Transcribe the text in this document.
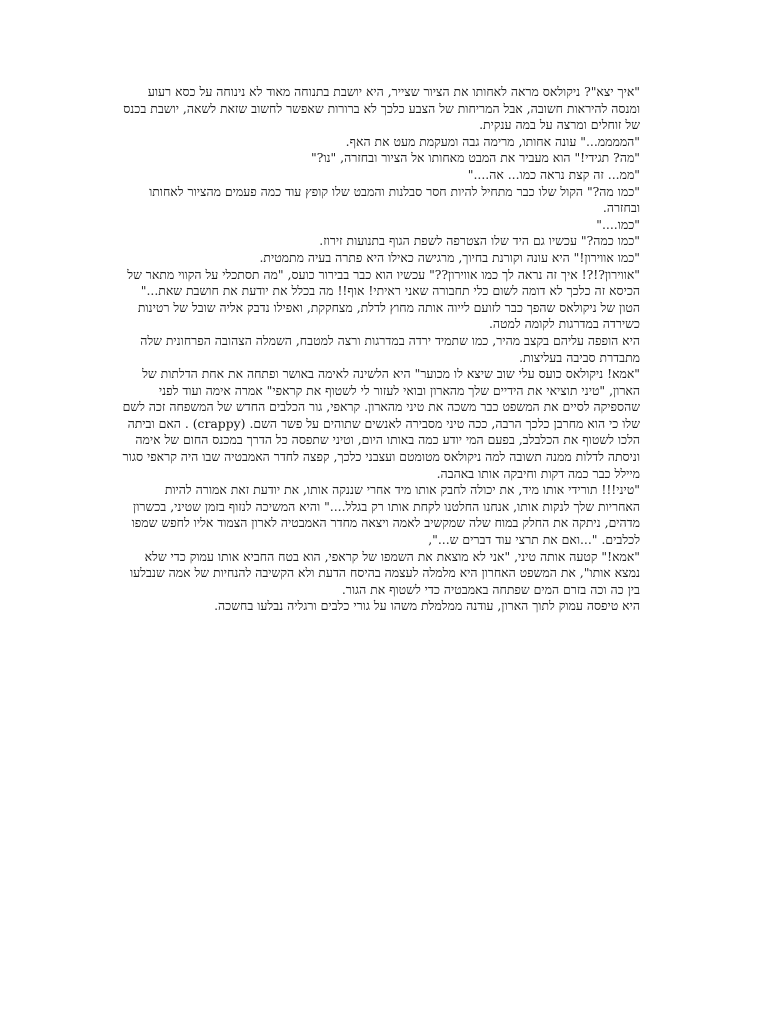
"איך יצא"? ניקולאס מראה לאחותו את הציור שצייר, היא יושבת בתנוחה מאוד לא נינוחה על כסא רעוע ומנסה להיראות חשובה, אבל המריחות של הצבע כלכך לא ברורות שאפשר לחשוב שזאת לשאה, יושבת בכנס של זוחלים ומרצה על במה ענקית.

"הממממ..." עונה אחותו, מרימה גבה ומעקמת מעט את האף.

"מה? תגידי!" הוא מעביר את המבט מאחותו אל הציור ובחזרה, "נו?"

"ממ... זה קצת נראה כמו... אה...."

"כמו מה?" הקול שלו כבר מתחיל להיות חסר סבלנות והמבט שלו קופץ עוד כמה פעמים מהציור לאחותו ובחזרה.

"כמו...."

"כמו כמה?" עכשיו גם היד שלו הצטרפה לשפת הגוף בתנועות זירוז.

"כמו אווירון!" היא עונה וקורנת בחיוך, מרגישה כאילו היא פתרה בעיה מתמטית.

"אווירון?!?! איך זה נראה לך כמו אווירון??" עכשיו הוא כבר בבירור כועס, "מה תסתכלי על הקווי מתאר של הכיסא זה כלכך לא דומה לשום כלי תחבורה שאני ראיתי! אוף!! מה בכלל את יודעת את חושבת שאת..." הטון של ניקולאס שהפך כבר לזועם לייוה אותה מחוץ לדלת, מצחקקת, ואפילו נדבק אליה שובל של רטינות כשירדה במדרגות לקומה למטה.

היא הופפה עליהם בקצב מהיר, כמו שתמיד ירדה במדרגות ורצה למטבח, השמלה הצהובה הפרחונית שלה מתבדרת סביבה בעליצות.

"אמא! ניקולאס כועס עלי שוב שיצא לו מכוער" היא הלשינה לאימה באושר ופתחה את אחת הדלתות של הארון, "טיני תוציאי את הידיים שלך מהארון ובואי לעזור לי לשטוף את קראפי" אמרה אימה ועוד לפני שהספיקה לסיים את המשפט כבר משכה את טיני מהארון. קראפי, גור הכלבים החדש של המשפחה זכה לשם שלו כי הוא מחרבן כלכך הרבה, ככה טיני מסבירה לאנשים שתוהים על פשר השם. (crappy) . האם וביתה הלכו לשטוף את הכלבלב, בפעם המי יודע כמה באותו היום, וטיני שתפסה כל הדרך במכנס החום של אימה וניסתה לדלות ממנה תשובה למה ניקולאס מטומטם ועצבני כלכך, קפצה לחדר האמבטיה שבו היה קראפי סגור מיילל כבר כמה דקות וחיבקה אותו באהבה.

"טיני!!! תורידי אותו מיד, את יכולה לחבק אותו מיד אחרי שננקה אותו, את יודעת זאת אמורה להיות האחריות שלך לנקות אותו, אנחנו החלטנו לקחת אותו רק בגלל...." והיא המשיכה לנזוף בזמן שטיני, בכשרון מדהים, ניתקה את החלק במוח שלה שמקשיב לאמה ויצאה מחדר האמבטיה לארון הצמוד אליו לחפש שמפו לכלבים. "...ואם את תרצי עוד דברים ש...",

"אמא!" קטעה אותה טיני, "אני לא מוצאת את השמפו של קראפי, הוא בטח החביא אותו עמוק כדי שלא נמצא אותו", את המשפט האחרון היא מלמלה לעצמה בהיסח הדעת ולא הקשיבה להנחיות של אמה שנבלעו בין כה וכה בזרם המים שפתחה באמבטיה כדי לשטוף את הגור.

היא טיפסה עמוק לתוך הארון, עודנה ממלמלת משהו על גורי כלבים ורגליה נבלעו בחשכה.
